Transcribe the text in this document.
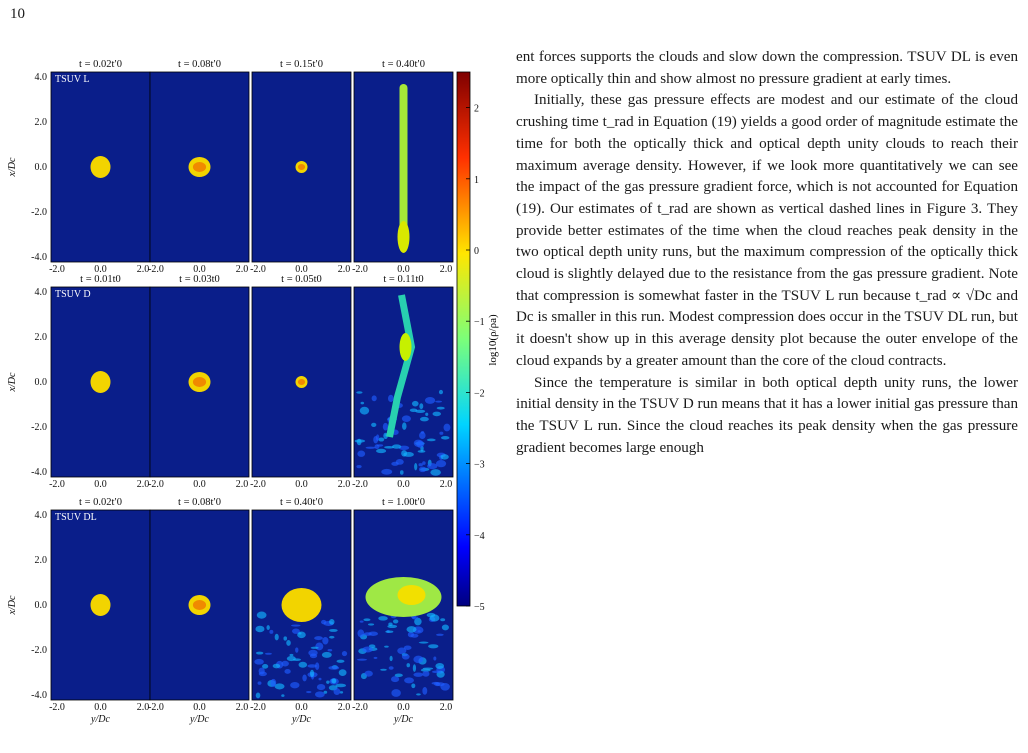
10
t = 0.02t′0
-2.0	0.0	2.0
t = 0.08t′0
-2.0	0.0	2.0
t = 0.15t′0
-2.0	0.0	2.0
t = 0.40t′0
-2.0	0.0	2.0
TSUV L
4.0
2.0
0.0
-2.0
-4.0
x/Dc
t = 0.01t0
-2.0	0.0	2.0
t = 0.03t0
-2.0	0.0	2.0
t = 0.05t0
-2.0	0.0	2.0
t = 0.11t0
-2.0	0.0	2.0
TSUV D
4.0
2.0
0.0
-2.0
-4.0
x/Dc
t = 0.02t′0
-2.0	0.0	2.0
y/Dc
t = 0.08t′0
-2.0	0.0	2.0
y/Dc
t = 0.40t′0
-2.0	0.0	2.0
y/Dc
t = 1.00t′0
-2.0	0.0	2.0
y/Dc
TSUV DL
4.0
2.0
0.0
-2.0
-4.0
x/Dc
2
1
0
−1
−2
−3
−4
−5
log10(ρ/ρa)

ent forces supports the clouds and slow down the compression. TSUV DL is even more optically thin and show almost no pressure gradient at early times.

Initially, these gas pressure effects are modest and our estimate of the cloud crushing time t_rad in Equation (19) yields a good order of magnitude estimate the time for both the optically thick and optical depth unity clouds to reach their maximum average density. However, if we look more quantitatively we can see the impact of the gas pressure gradient force, which is not accounted for Equation (19). Our estimates of t_rad are shown as vertical dashed lines in Figure 3. They provide better estimates of the time when the cloud reaches peak density in the two optical depth unity runs, but the maximum compression of the optically thick cloud is slightly delayed due to the resistance from the gas pressure gradient. Note that compression is somewhat faster in the TSUV L run because t_rad ∝ √Dc and Dc is smaller in this run. Modest compression does occur in the TSUV DL run, but it doesn't show up in this average density plot because the outer envelope of the cloud expands by a greater amount than the core of the cloud contracts.

Since the temperature is similar in both optical depth unity runs, the lower initial density in the TSUV D run means that it has a lower initial gas pressure than the TSUV L run. Since the cloud reaches its peak density when the gas pressure gradient becomes large enough
